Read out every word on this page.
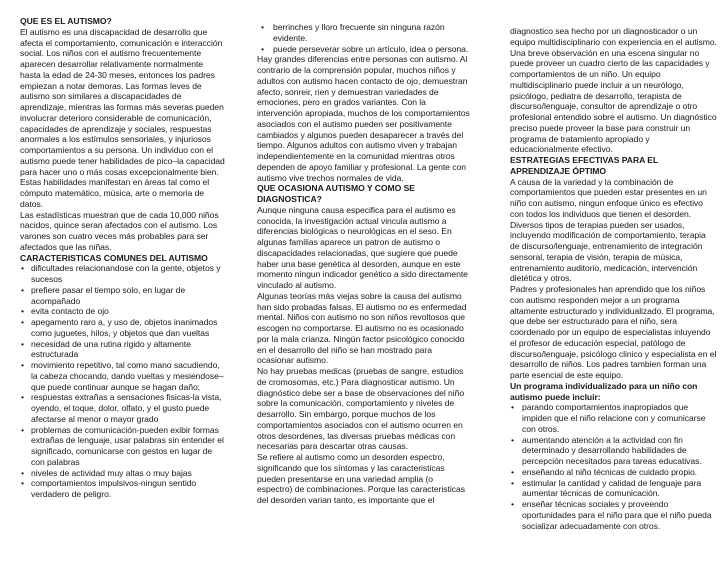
QUE ES EL AUTISMO?

El autismo es una discapacidad de desarrollo que afecta el comportamiento, comunicación e interacción social. Los niños con el autismo frecuentemente aparecen desarrollar relativamente normalmente hasta la edad de 24-30 meses, entonces los padres empiezan a notar demoras. Las formas leves de autismo son similares a discapacidades de aprendizaje, mientras las formas más severas pueden involucrar deterioro considerable de comunicación, capacidades de aprendizaje y sociales, respuestas anormales a los estímulos sensoriales, y injuriosos comportamientos a su persona. Un individuo con el autismo puede tener habilidades de pico–la capacidad para hacer uno o más cosas excepcionalmente bien. Estas habilidades manifestan en áreas tal como el cómputo matemático, música, arte o memoria de datos.

Las estadísticas muestran que de cada 10,000 niños nacidos, quince seran afectados con el autismo. Los varones son cuatro veces más probables para ser afectados que las niñas.

CARACTERISTICAS COMUNES DEL AUTISMO

• dificultades relacionandose con la gente, objetos y sucesos
• prefiere pasar el tiempo solo, en lugar de acompañado
• evita contacto de ojo
• apegamento raro a, y uso de, objetos inanimados como juguetes, hilos, y objetos que dan vueltas
• necesidad de una rutina rigido y altamente estructurada
• movimiento repetitivo, tal como mano sacudiendo, la cabeza chocando, dando vueltas y mesiendose–que puede continuar aunque se hagan daño;
• respuestas extrañas a sensaciones fisicas-la vista, oyendo, el toque, dolor, olfato, y el gusto puede afectarse al menor o mayor grado
• problemas de comunicación-pueden exibir formas extrañas de lenguaje, usar palabras sin entender el significado, comunicarse con gestos en lugar de con palabras
• niveles de actividad muy altas o muy bajas
• comportamientos impulsivos-ningun sentido verdadero de peligro.
• berrinches y lloro frecuente sin ninguna razón evidente.
• puede perseverar sobre un artículo, idea o persona.

Hay grandes diferencias entre personas con autismo. Al contrario de la comprensión popular, muchos niños y adultos con autismo hacen contacto de ojo, demuestran afecto, sonreir, rien y demuestran variedades de emociones, pero en grados variantes. Con la intervención apropiada, muchos de los comportamientos asociados con el autismo pueden ser positivamente cambiados y algunos pueden desaparecer a través del tiempo. Algunos adultos con autismo viven y trabajan independientemente en la comunidad mientras otros dependen de apoyo familiar y profesional. La gente con autismo vive trechos normales de vida.

QUE OCASIONA AUTISMO Y COMO SE DIAGNOSTICA?

Aunque ninguna causa especifica para el autismo es conocida, la investigación actual vincula autismo a diferencias biológicas o neurológicas en el seso. En algunas familias aparece un patron de autismo o discapacidades relacionadas, que sugiere que puede haber una base genética al desorden, aunque en este momento ningun indicador genético a sido directamente vinculado al autismo.

Algunas teorías más viejas sobre la causa del autismo han sido probadas falsas. El autismo no es enfermedad mental. Niños con autismo no son niños revoltosos que escogen no comportarse. El autismo no es ocasionado por la mala crianza. Ningún factor psicológico conocido en el desarrollo del niño se han mostrado para ocasionar autismo.

No hay pruebas medicas (pruebas de sangre, estudios de cromosomas, etc.) Para diagnosticar autismo. Un diagnóstico debe ser a base de observaciones del niño sobre la comunicación, comportamiento y niveles de desarrollo. Sin embargo, porque muchos de los comportamientos asociados con el autismo ocurren en otros desordenes, las diversas pruebas médicas con necesarias para descartar otras causas.

Se refiere al autismo como un desorden espectro, significando que los síntomas y las caracteristicas pueden presentarse en una variedad amplia (o espectro) de combinaciones. Porque las caracteristicas del desorden varian tanto, es importante que el

diagnostico sea hecho por un diagnosticador o un equipo multidisciplinario con experiencia en el autismo. Una breve observación en una escena singular no puede proveer un cuadro cierto de las capacidades y comportamientos de un niño. Un equipo multidisciplinario puede incluir a un neurólogo, psicólogo, pediatra de desarrollo, terapista de discurso/lenguaje, consultor de aprendizaje o otro profesional entendido sobre el autismo. Un diagnóstico preciso puede proveer la base para construir un programa de tratamiento apropiado y educacionalmente efectivo.

ESTRATEGIAS EFECTIVAS PARA EL APRENDIZAJE ÓPTIMO

A causa de la variedad y la combinación de comportamientos que pueden estar presentes en un niño con autismo, ningun enfoque único es efectivo con todos los individuos que tienen el desorden. Diversos tipos de terapias pueden ser usados, incluyendo modificación de comportamiento, terapia de discurso/lenguaje, entrenamiento de integración sensoral, terapia de visión, terapia de música, entrenamiento auditorio, medicación, intervención dietética y otros.

Padres y profesionales han aprendido que los niños con autismo responden mejor a un programa altamente estructurado y individualizado. El programa, que debe ser estructurado para el niño, sera coordenado por un equipo de especialistas inluyendo el profesor de educación especial, patólogo de discurso/lenguaje, psicólogo clinico y especialista en el desarrollo de niños. Los padres tambien forman una parte esencial de este equipo.

Un programa individualizado para un niño con autismo puede incluir:

• parando comportamientos inapropiados que impiden que el niño relacione con y comunicarse con otros.
• aumentando atención a la actividad con fin determinado y desarrollando habilidades de percepción necesitados para tareas educativas.
• enseñando al niño técnicas de cuidado propio.
• estimular la cantidad y calidad de lenguaje para aumentar técnicas de comunicación.
• enseñar técnicas sociales y proveendo oportunidades para el niño para que el niño pueda socializar adecuadamente con otros.
